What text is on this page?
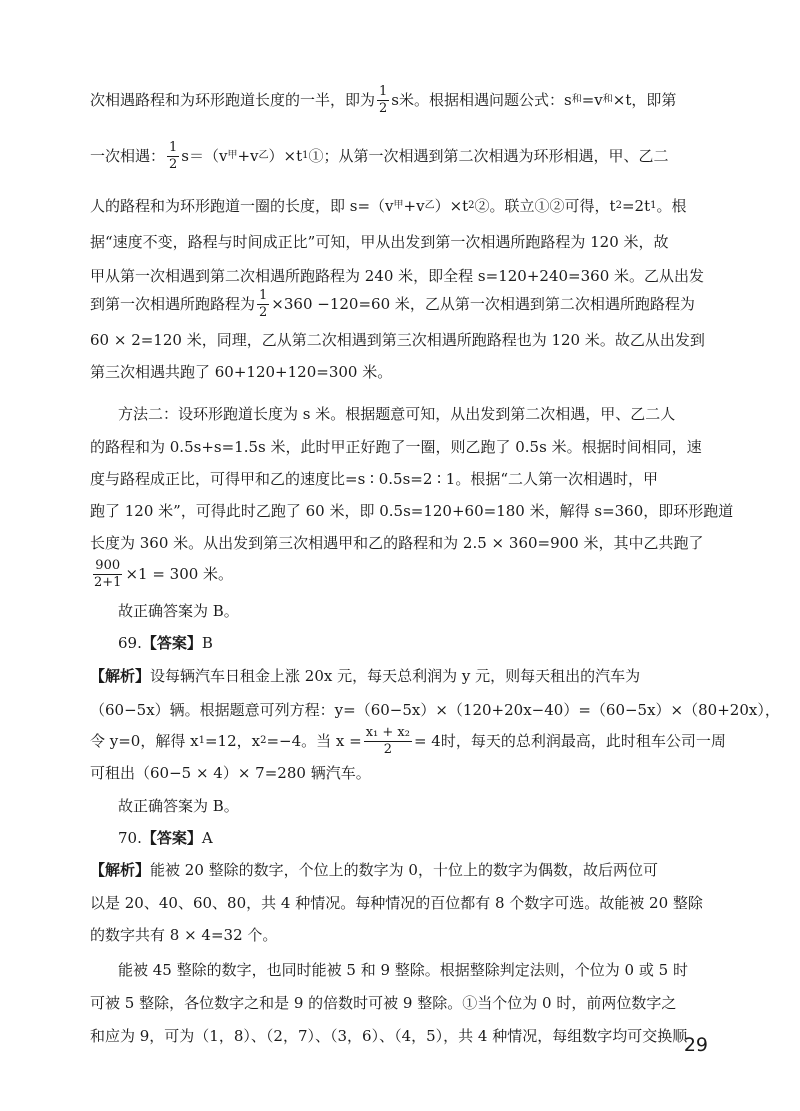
次相遇路程和为环形跑道长度的一半，即为 $\frac{1}{2}$ s米。根据相遇问题公式：s 和 =v 和 ×t，即第
一次相遇： $\frac{1}{2} s=(v$ 甲 +v 乙 ）×t 1 ①；从第一次相遇到第二次相遇为环形相遇，甲、乙二
人的路程和为环形跑道一圈的长度，即 s=（v 甲 +v 乙 ）×t 2 ②。联立①②可得，t 2 =2t 1 。根
据“速度不变，路程与时间成正比”可知，甲从出发到第一次相遇所跑路程为 120 米，故
甲从第一次相遇到第二次相遇所跑路程为 240 米，即全程 s=120+240=360 米。乙从出发
到第一次相遇所跑路程为 $\frac{1}{2} \times 360 -120=60$ 米，乙从第一次相遇到第二次相遇所跑路程为
60 × 2=120 米，同理，乙从第二次相遇到第三次相遇所跑路程也为 120 米。故乙从出发到
第三次相遇共跑了 60+120+120=300 米。
方法二：设环形跑道长度为 s 米。根据题意可知，从出发到第二次相遇，甲、乙二人
的路程和为 0.5s+s=1.5s 米，此时甲正好跑了一圈，则乙跑了 0.5s 米。根据时间相同，速
度与路程成正比，可得甲和乙的速度比=s ∶ 0.5s=2 ∶ 1。根据“二人第一次相遇时，甲
跑了 120 米”，可得此时乙跑了 60 米，即 0.5s=120+60=180 米，解得 s=360，即环形跑道
长度为 360 米。从出发到第三次相遇甲和乙的路程和为 2.5 × 360=900 米，其中乙共跑了
$\frac{900}{2+1} \times 1 = 300$ 米。
故正确答案为 B。
69. 【答案】 B
【解析】 设每辆汽车日租金上涨 20x 元，每天总利润为 y 元，则每天租出的汽车为
（60−5x）辆。根据题意可列方程：y=（60−5x）×（120+20x−40）=（60−5x）×（80+20x），
令 y=0，解得 x 1 =12，x 2 =−4。当 $x = \frac{\text{x₁ + x₂}}{2} = 4$时，每天的总利润最高，此时租车公司一周
可租出（60−5 × 4）× 7=280 辆汽车。
故正确答案为 B。
70. 【答案】 A
【解析】 能被 20 整除的数字，个位上的数字为 0，十位上的数字为偶数，故后两位可
以是 20、40、60、80，共 4 种情况。每种情况的百位都有 8 个数字可选。故能被 20 整除
的数字共有 8 × 4=32 个。
能被 45 整除的数字，也同时能被 5 和 9 整除。根据整除判定法则，个位为 0 或 5 时
可被 5 整除，各位数字之和是 9 的倍数时可被 9 整除。①当个位为 0 时，前两位数字之
和应为 9，可为（1，8）、（2，7）、（3，6）、（4，5），共 4 种情况，每组数字均可交换顺
29
